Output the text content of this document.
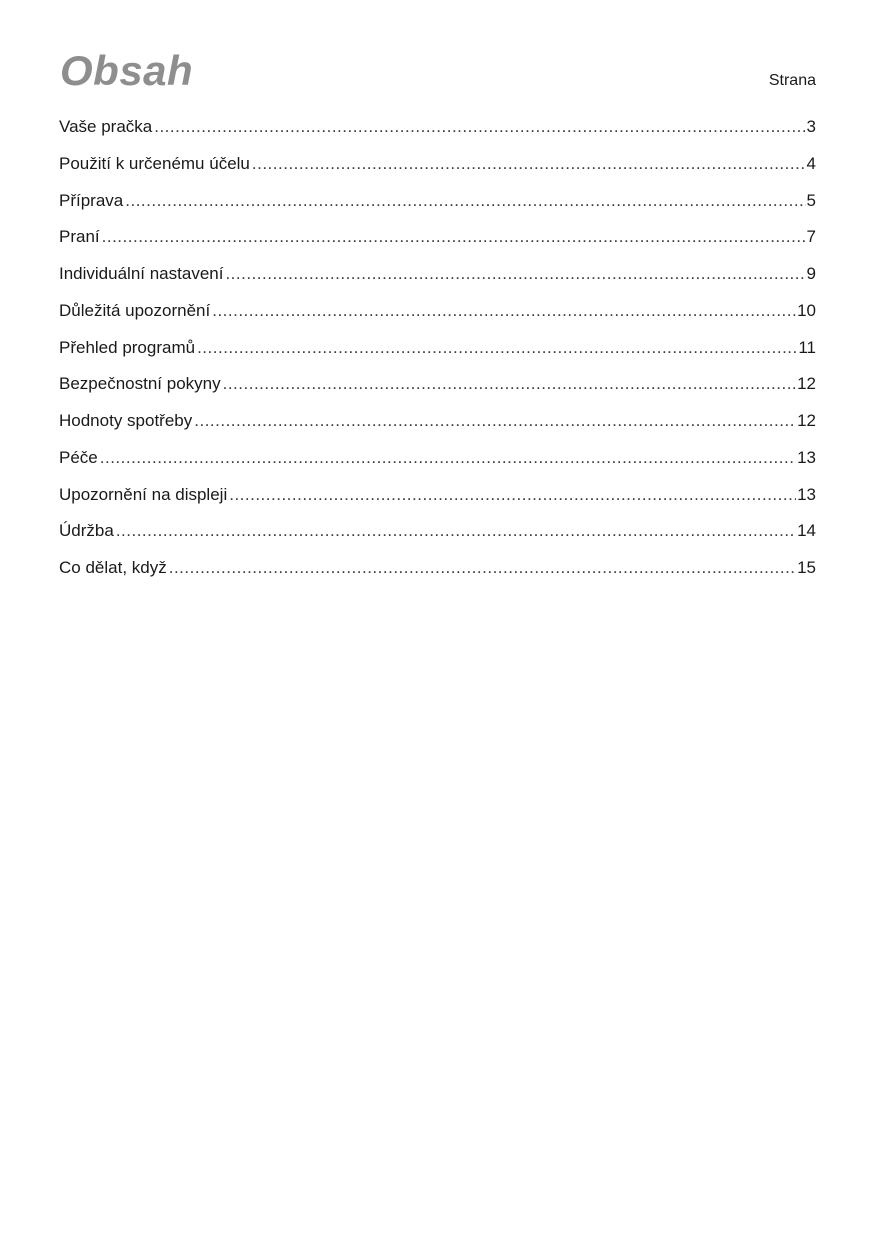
Obsah	Strana
Vaše pračka .....	3
Použití k určenému účelu .....	4
Příprava .....	5
Praní .....	7
Individuální nastavení .....	9
Důležitá upozornění .....	10
Přehled programů .....	11
Bezpečnostní pokyny .....	12
Hodnoty spotřeby .....	12
Péče .....	13
Upozornění na displeji .....	13
Údržba .....	14
Co dělat, když .....	15
